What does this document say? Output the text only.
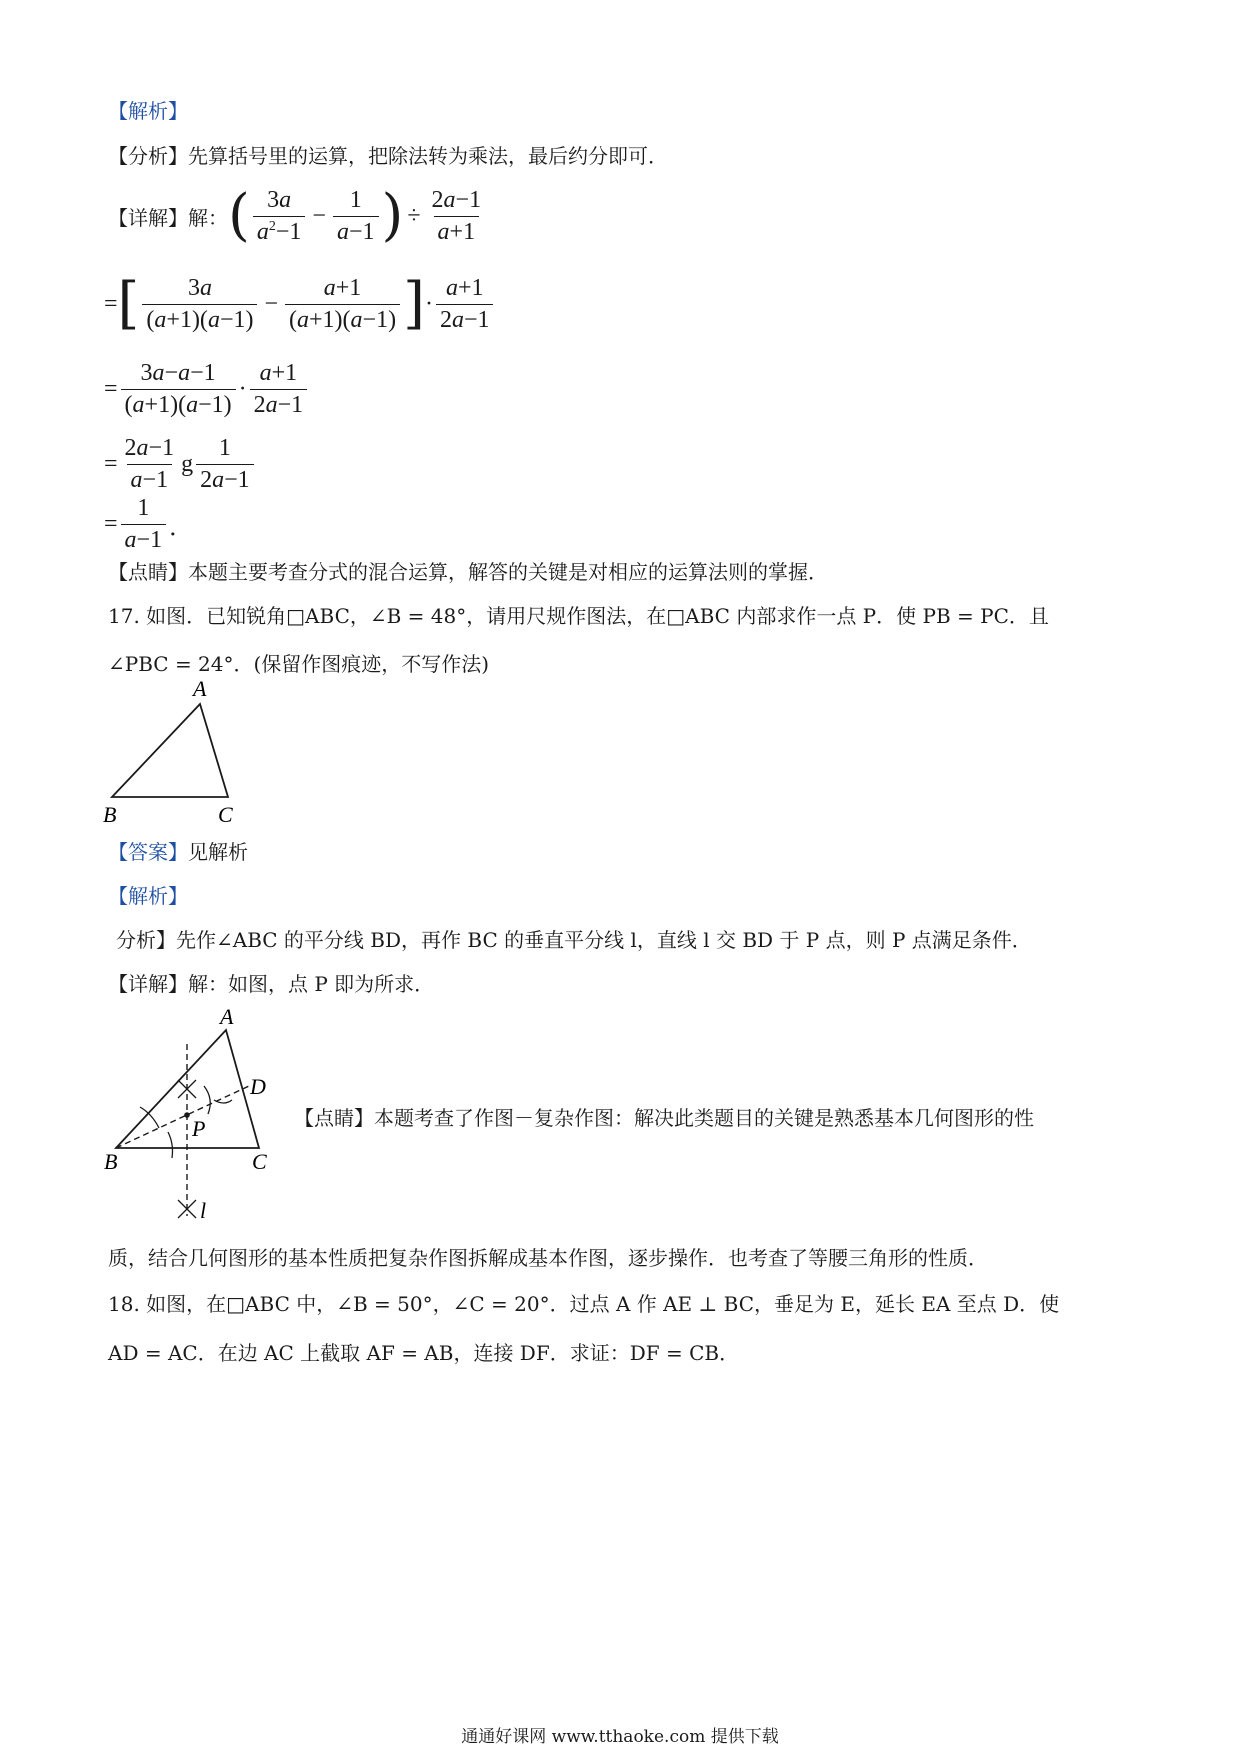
【解析】
【分析】先算括号里的运算，把除法转为乘法，最后约分即可．
【详解】解： ( $\frac{3a}{a^2-1} - \frac{1}{a-1}$ ) ÷ $\frac{2a-1}{a+1}$
= [ $\frac{3a}{(a+1)(a-1)} - \frac{a+1}{(a+1)(a-1)}$ ] · $\frac{a+1}{2a-1}$
= $\frac{3a-a-1}{(a+1)(a-1)} \cdot \frac{a+1}{2a-1}$
= $\frac{2a-1}{a-1}$ g $\frac{1}{2a-1}$
= $\frac{1}{a-1}$ ．
【点睛】本题主要考查分式的混合运算，解答的关键是对相应的运算法则的掌握．
17. 如图．已知锐角□ABC，∠B = 48°，请用尺规作图法，在□ABC 内部求作一点 P．使 PB = PC．且
∠PBC = 24°．(保留作图痕迹，不写作法)
A
B	C
【答案】见解析
【解析】
分析】先作∠ABC 的平分线 BD，再作 BC 的垂直平分线 l，直线 l 交 BD 于 P 点，则 P 点满足条件．
【详解】解：如图，点 P 即为所求．
A
B	C
D
P
l
【点睛】本题考查了作图－复杂作图：解决此类题目的关键是熟悉基本几何图形的性
质，结合几何图形的基本性质把复杂作图拆解成基本作图，逐步操作．也考查了等腰三角形的性质．
18. 如图，在□ABC 中，∠B = 50°，∠C = 20°．过点 A 作 AE ⊥ BC，垂足为 E，延长 EA 至点 D．使
AD = AC．在边 AC 上截取 AF = AB，连接 DF．求证：DF = CB．
通通好课网 www.tthaoke.com 提供下载
